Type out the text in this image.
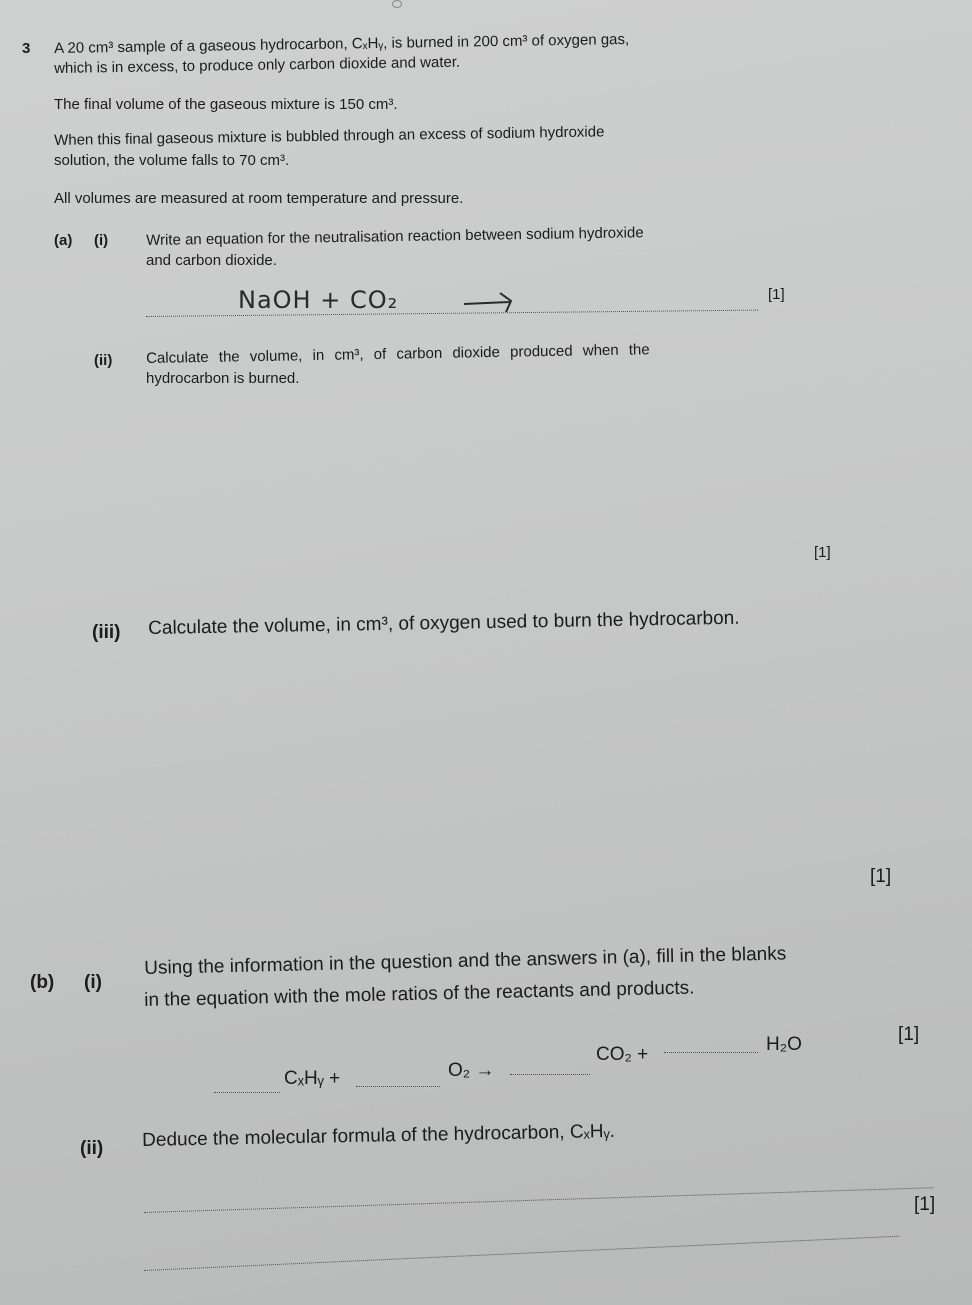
3 A 20 cm³ sample of a gaseous hydrocarbon, CₓHᵧ, is burned in 200 cm³ of oxygen gas,
which is in excess, to produce only carbon dioxide and water.
The final volume of the gaseous mixture is 150 cm³.
When this final gaseous mixture is bubbled through an excess of sodium hydroxide
solution, the volume falls to 70 cm³.
All volumes are measured at room temperature and pressure.
(a) (i)	Write an equation for the neutralisation reaction between sodium hydroxide
and carbon dioxide.
NaOH + CO₂	[1]
(ii) Calculate the volume, in cm³, of carbon dioxide produced when the
hydrocarbon is burned.
[1]
(iii) Calculate the volume, in cm³, of oxygen used to burn the hydrocarbon.
[1]
(b) (i)
Using the information in the question and the answers in (a), fill in the blanks
in the equation with the mole ratios of the reactants and products.
CₓHᵧ +	O₂ →
CO₂ +	H₂O	[1]
(ii) Deduce the molecular formula of the hydrocarbon, CₓHᵧ.
[1]
